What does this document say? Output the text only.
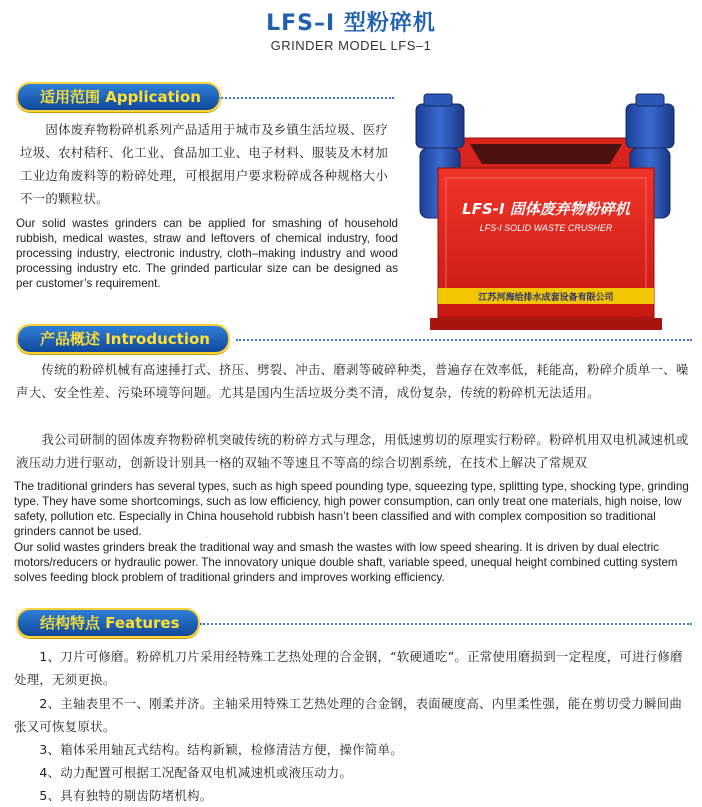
LFS–I 型粉碎机
GRINDER MODEL LFS–1
适用范围 Application
　　固体废弃物粉碎机系列产品适用于城市及乡镇生活垃圾、医疗垃圾、农村秸秆、化工业、食品加工业、电子材料、服装及木材加工业边角废料等的粉碎处理，可根据用户要求粉碎成各种规格大小不一的颗粒状。
Our solid wastes grinders can be applied for smashing of household rubbish, medical wastes, straw and leftovers of chemical industry, food processing industry, electronic industry, cloth–making industry and wood processing industry etc. The grinded particular size can be designed as per customer’s requirement.
LFS-I 固体废弃物粉碎机
LFS-I SOLID WASTE CRUSHER
江苏河海给排水成套设备有限公司
产品概述 Introduction
　　传统的粉碎机械有高速捶打式、挤压、劈裂、冲击、磨剥等破碎种类，普遍存在效率低，耗能高，粉碎介质单一、噪声大、安全性差、污染环境等问题。尤其是国内生活垃圾分类不清，成份复杂，传统的粉碎机无法适用。
　　我公司研制的固体废弃物粉碎机突破传统的粉碎方式与理念，用低速剪切的原理实行粉碎。粉碎机用双电机减速机或液压动力进行驱动，创新设计别具一格的双轴不等速且不等高的综合切割系统，在技术上解决了常规双
The traditional grinders has several types, such as high speed pounding type, squeezing type, splitting type, shocking type, grinding type. They have some shortcomings, such as low efficiency, high power consumption, can only treat one materials, high noise, low safety, pollution etc. Especially in China household rubbish hasn’t been classified and with complex composition so traditional grinders cannot be used.
Our solid wastes grinders break the traditional way and smash the wastes with low speed shearing. It is driven by dual electric motors/reducers or hydraulic power. The innovatory unique double shaft, variable speed, unequal height combined cutting system solves feeding block problem of traditional grinders and improves working efficiency.
结构特点 Features
　　1、刀片可修磨。粉碎机刀片采用经特殊工艺热处理的合金钢，“软硬通吃”。正常使用磨损到一定程度，可进行修磨处理，无须更换。
　　2、主轴表里不一、刚柔并济。主轴采用特殊工艺热处理的合金钢，表面硬度高、内里柔性强，能在剪切受力瞬间曲张又可恢复原状。
　　3、箱体采用轴瓦式结构。结构新颖，检修清洁方便，操作简单。
　　4、动力配置可根据工况配备双电机减速机或液压动力。
　　5、具有独特的剔齿防堵机构。
